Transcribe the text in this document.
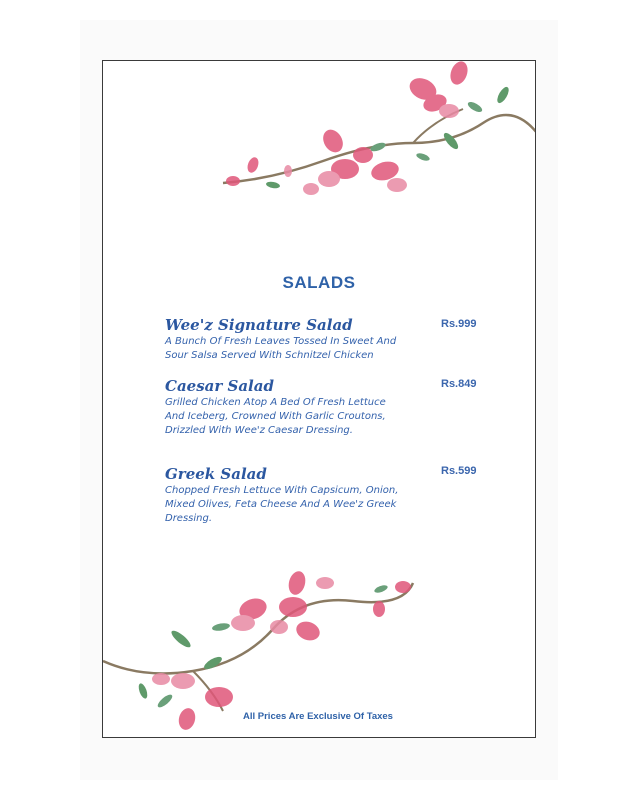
SALADS
Wee'z Signature Salad
A Bunch Of Fresh Leaves Tossed In Sweet And Sour Salsa Served With Schnitzel Chicken
Rs.999
Caesar Salad
Grilled Chicken Atop A Bed Of Fresh Lettuce And Iceberg, Crowned With Garlic Croutons, Drizzled With Wee'z Caesar Dressing.
Rs.849
Greek Salad
Chopped Fresh Lettuce With Capsicum, Onion, Mixed Olives, Feta Cheese And A Wee'z Greek Dressing.
Rs.599
All Prices Are Exclusive Of Taxes
